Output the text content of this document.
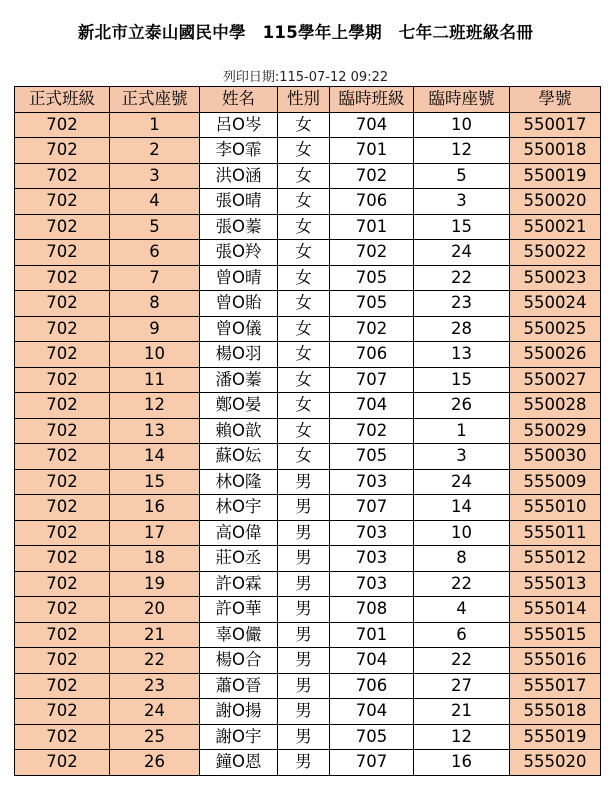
新北市立泰山國民中學　115學年上學期　七年二班班級名冊
列印日期:115-07-12 09:22
正式班級	正式座號	姓名	性別	臨時班級	臨時座號	學號
702	1	呂O岑	女	704	10	550017
702	2	李O霏	女	701	12	550018
702	3	洪O涵	女	702	5	550019
702	4	張O晴	女	706	3	550020
702	5	張O蓁	女	701	15	550021
702	6	張O羚	女	702	24	550022
702	7	曾O晴	女	705	22	550023
702	8	曾O貽	女	705	23	550024
702	9	曾O儀	女	702	28	550025
702	10	楊O羽	女	706	13	550026
702	11	潘O蓁	女	707	15	550027
702	12	鄭O晏	女	704	26	550028
702	13	賴O歆	女	702	1	550029
702	14	蘇O妘	女	705	3	550030
702	15	林O隆	男	703	24	555009
702	16	林O宇	男	707	14	555010
702	17	高O偉	男	703	10	555011
702	18	莊O丞	男	703	8	555012
702	19	許O霖	男	703	22	555013
702	20	許O華	男	708	4	555014
702	21	辜O儼	男	701	6	555015
702	22	楊O合	男	704	22	555016
702	23	蕭O晉	男	706	27	555017
702	24	謝O揚	男	704	21	555018
702	25	謝O宇	男	705	12	555019
702	26	鐘O恩	男	707	16	555020
